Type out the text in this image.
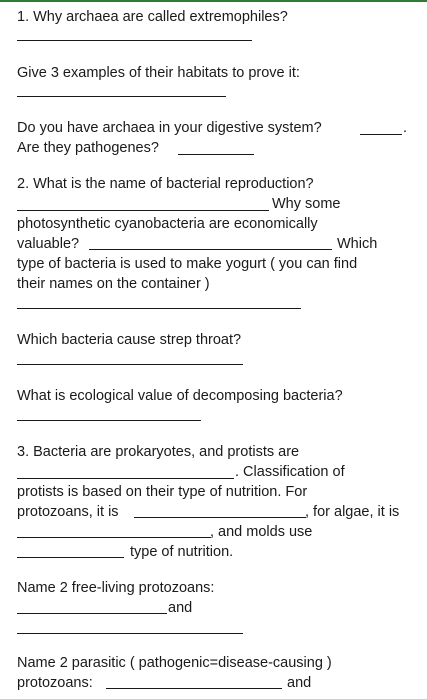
1. Why archaea are called extremophiles?
Give 3 examples of their habitats to prove it:
Do you have archaea in your digestive system?	.
Are they pathogenes?
2. What is the name of bacterial reproduction?
Why some
photosynthetic cyanobacteria are economically
valuable?	Which
type of bacteria is used to make yogurt ( you can find
their names on the container )
Which bacteria cause strep throat?
What is ecological value of decomposing bacteria?
3. Bacteria are prokaryotes, and protists are
. Classification of
protists is based on their type of nutrition. For
protozoans, it is	, for algae, it is
, and molds use
type of nutrition.
Name 2 free-living protozoans:
and
Name 2 parasitic ( pathogenic=disease-causing )
protozoans:	and
